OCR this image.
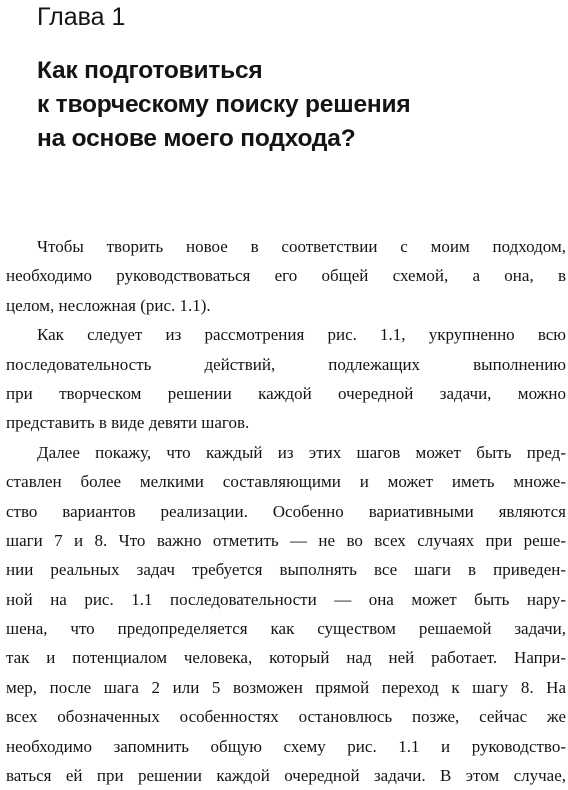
Глава 1
Как подготовиться
к творческому поиску решения
на основе моего подхода?
Чтобы творить новое в соответствии с моим подходом,
необходимо руководствоваться его общей схемой, а она, в
целом, несложная (рис. 1.1).
Как следует из рассмотрения рис. 1.1, укрупненно всю
последовательность действий, подлежащих выполнению
при творческом решении каждой очередной задачи, можно
представить в виде девяти шагов.
Далее покажу, что каждый из этих шагов может быть пред-
ставлен более мелкими составляющими и может иметь множе-
ство вариантов реализации. Особенно вариативными являются
шаги 7 и 8. Что важно отметить — не во всех случаях при реше-
нии реальных задач требуется выполнять все шаги в приведен-
ной на рис. 1.1 последовательности — она может быть нару-
шена, что предопределяется как существом решаемой задачи,
так и потенциалом человека, который над ней работает. Напри-
мер, после шага 2 или 5 возможен прямой переход к шагу 8. На
всех обозначенных особенностях остановлюсь позже, сейчас же
необходимо запомнить общую схему рис. 1.1 и руководство-
ваться ей при решении каждой очередной задачи. В этом случае,
